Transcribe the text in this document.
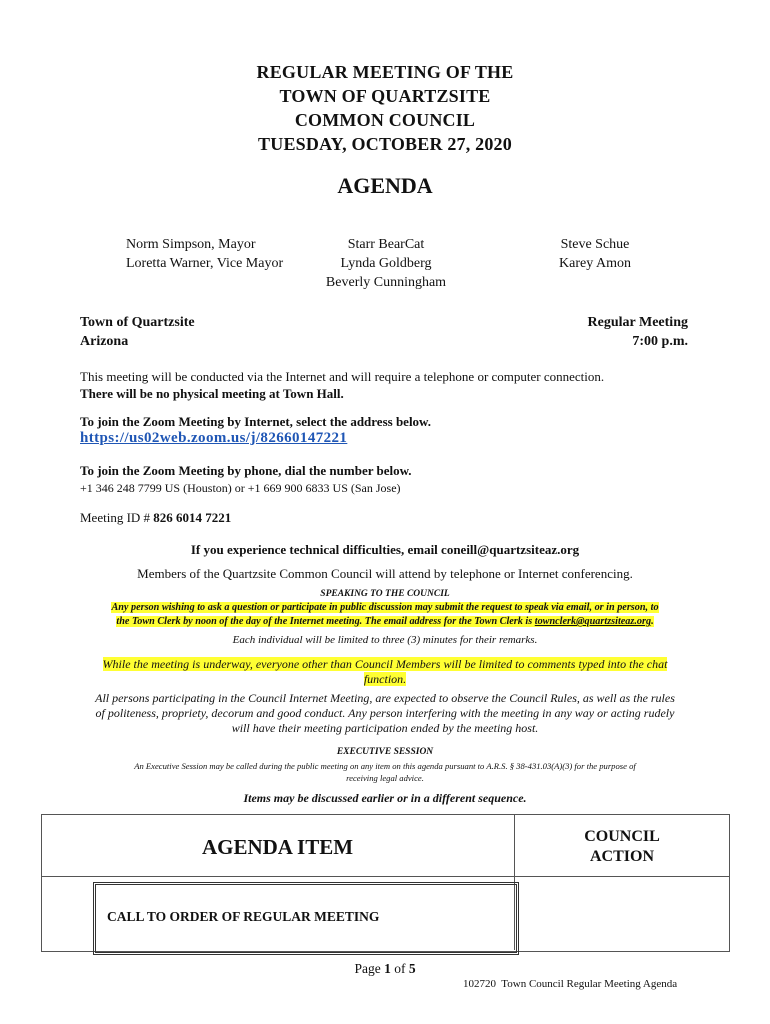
REGULAR MEETING OF THE
TOWN OF QUARTZSITE
COMMON COUNCIL
TUESDAY, OCTOBER 27, 2020
AGENDA
Norm Simpson, Mayor
Loretta Warner, Vice Mayor
Starr BearCat
Lynda Goldberg
Beverly Cunningham
Steve Schue
Karey Amon
Town of Quartzsite
Arizona
Regular Meeting
7:00 p.m.
This meeting will be conducted via the Internet and will require a telephone or computer connection.
There will be no physical meeting at Town Hall.
To join the Zoom Meeting by Internet, select the address below.
https://us02web.zoom.us/j/82660147221
To join the Zoom Meeting by phone, dial the number below.
+1 346 248 7799 US (Houston) or +1 669 900 6833 US (San Jose)
Meeting ID # 826 6014 7221
If you experience technical difficulties, email coneill@quartzsiteaz.org
Members of the Quartzsite Common Council will attend by telephone or Internet conferencing.
SPEAKING TO THE COUNCIL
Any person wishing to ask a question or participate in public discussion may submit the request to speak via email, or in person, to
the Town Clerk by noon of the day of the Internet meeting. The email address for the Town Clerk is townclerk@quartzsiteaz.org.
Each individual will be limited to three (3) minutes for their remarks.
While the meeting is underway, everyone other than Council Members will be limited to comments typed into the chat
function.
All persons participating in the Council Internet Meeting, are expected to observe the Council Rules, as well as the rules
of politeness, propriety, decorum and good conduct. Any person interfering with the meeting in any way or acting rudely
will have their meeting participation ended by the meeting host.
EXECUTIVE SESSION
An Executive Session may be called during the public meeting on any item on this agenda pursuant to A.R.S. § 38-431.03(A)(3) for the purpose of
receiving legal advice.
Items may be discussed earlier or in a different sequence.
AGENDA ITEM	COUNCIL
ACTION
CALL TO ORDER OF REGULAR MEETING
Page 1 of 5
102720  Town Council Regular Meeting Agenda
